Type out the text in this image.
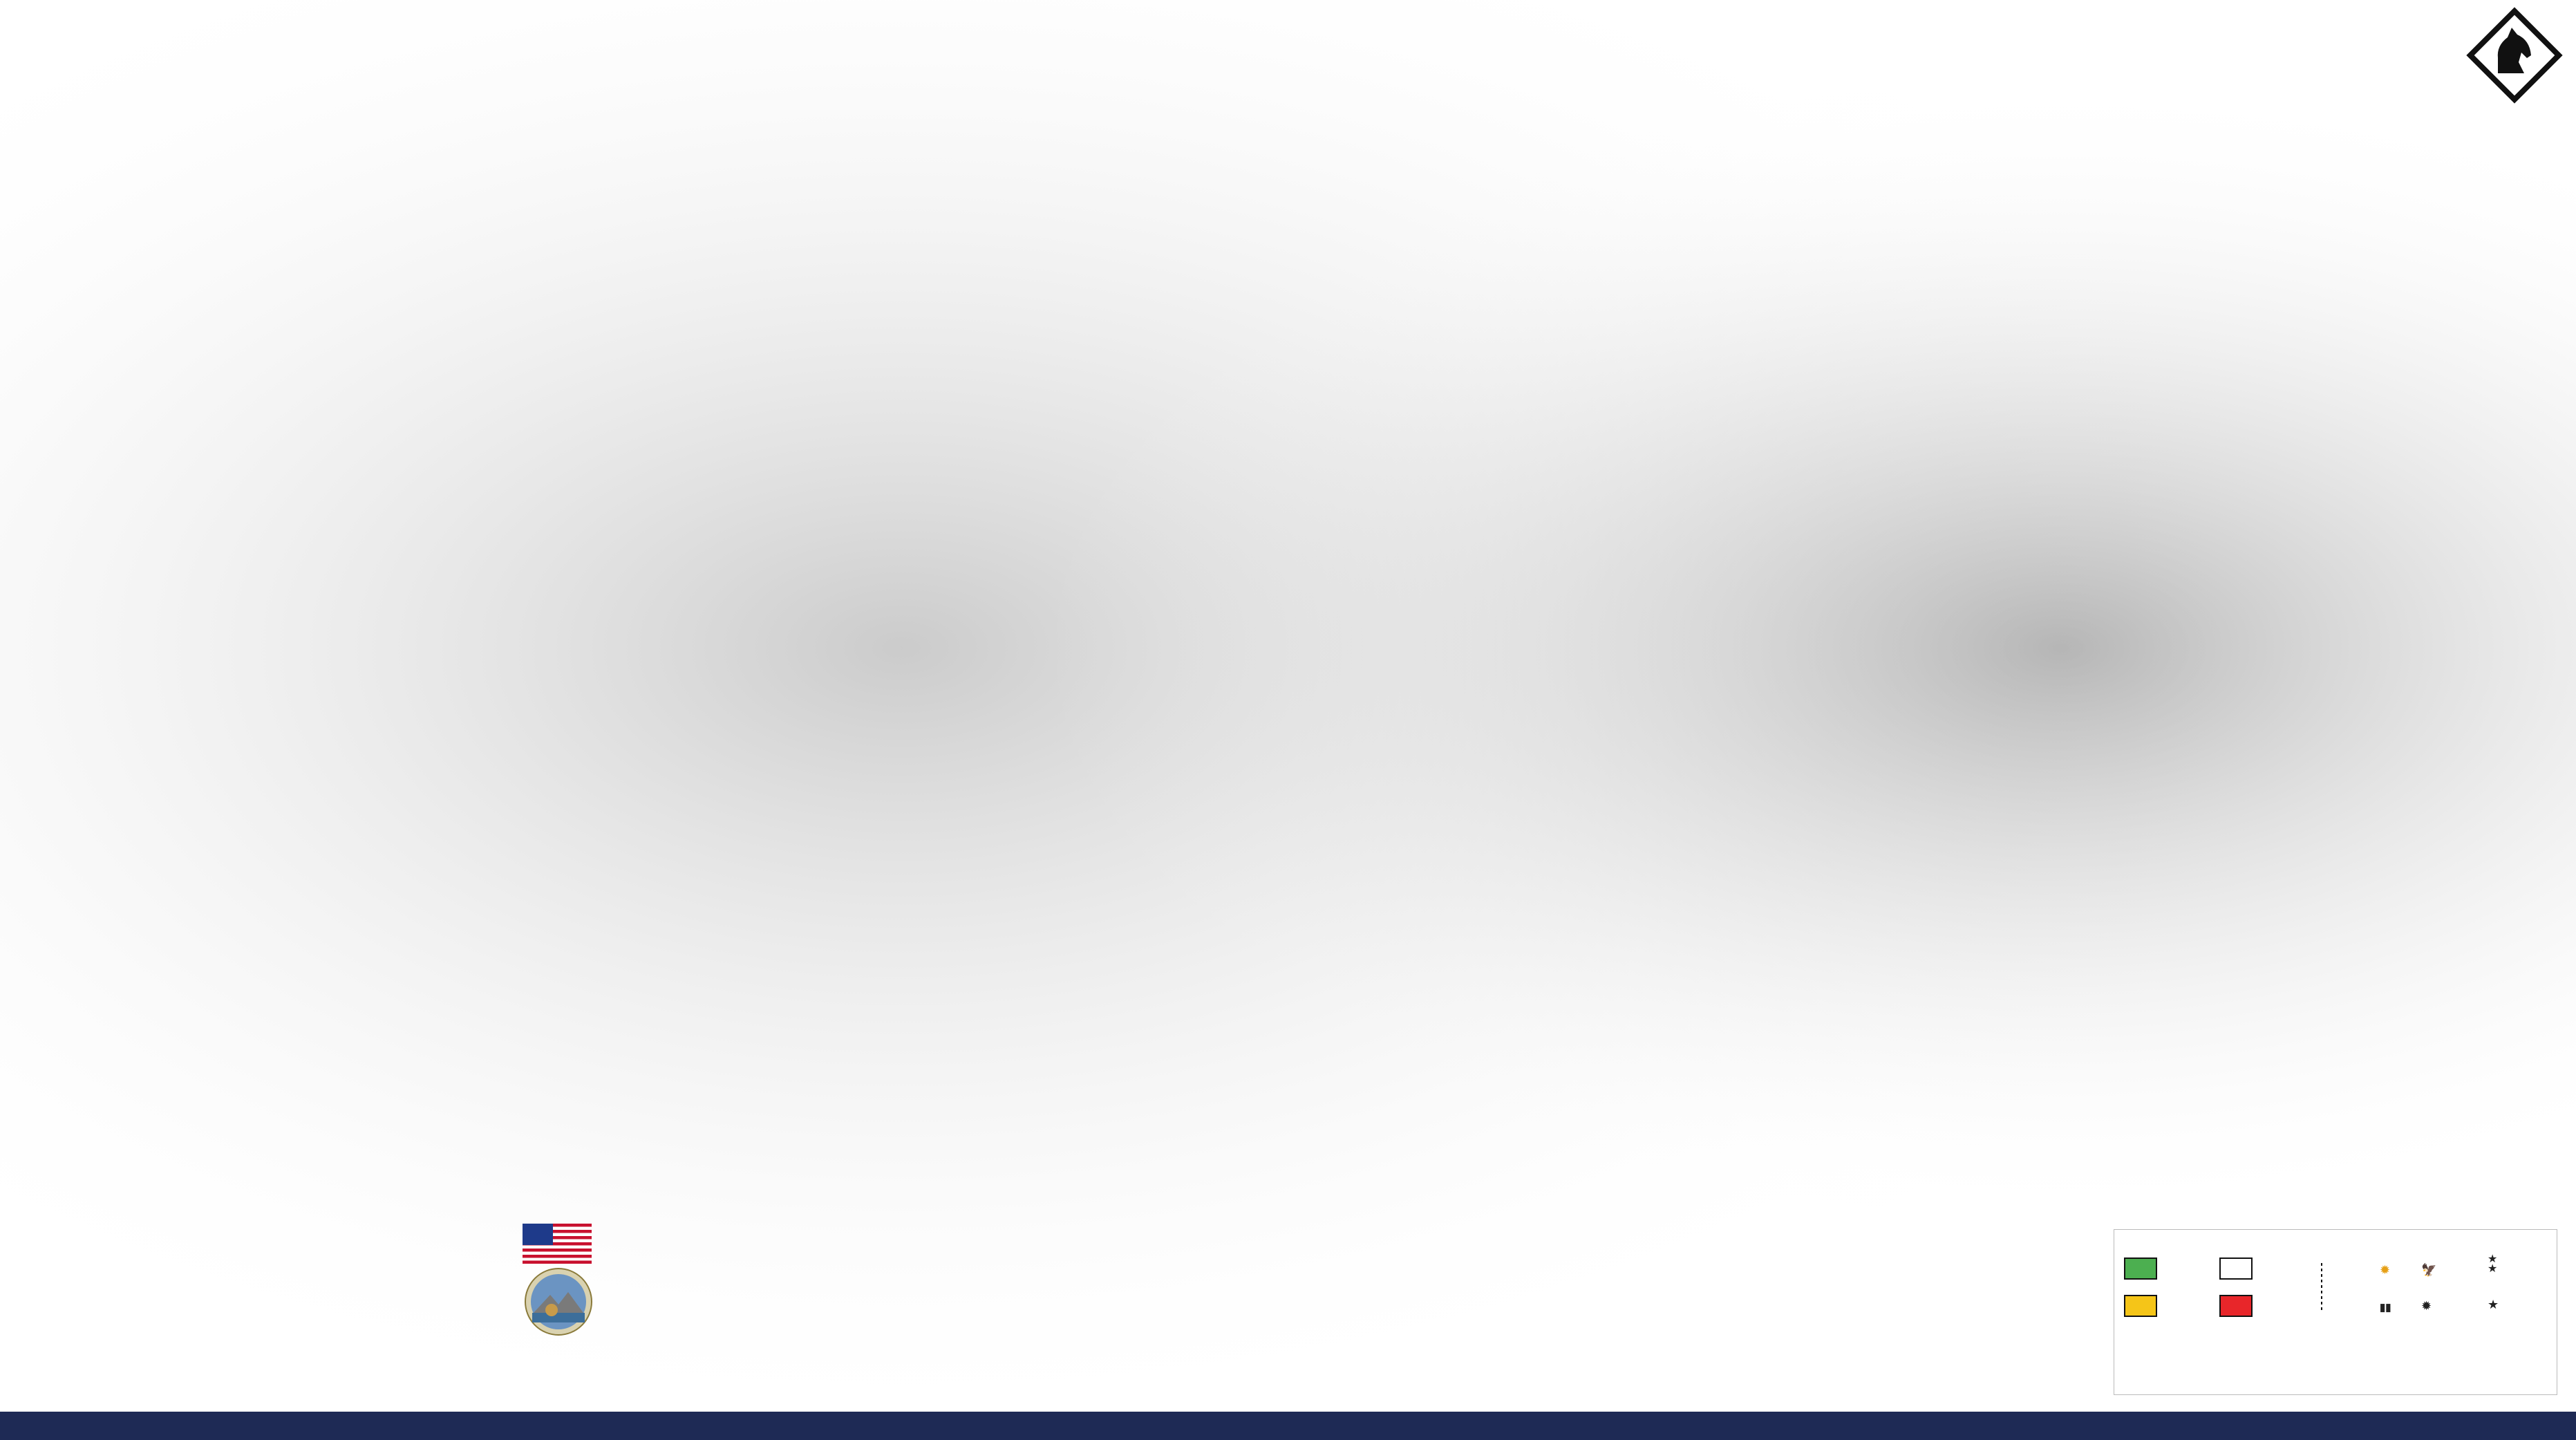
✹ 🦅
★
★
▮▮ ✹	★
